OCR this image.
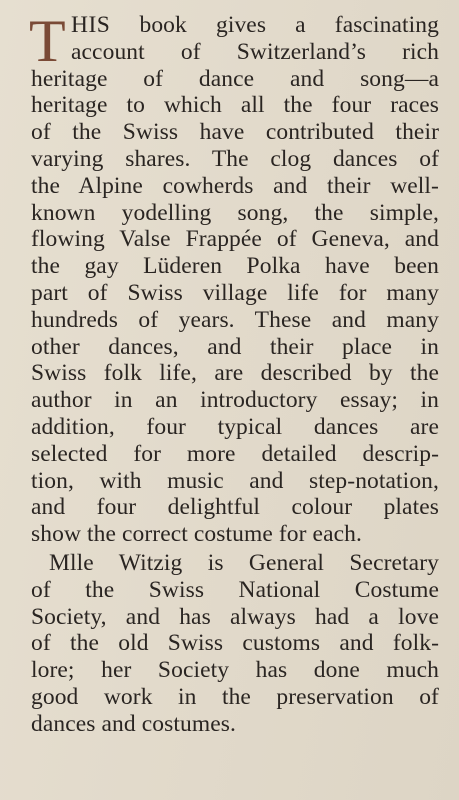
T HIS book gives a fascinating
account of Switzerland’s rich
heritage of dance and song—a
heritage to which all the four races
of the Swiss have contributed their
varying shares. The clog dances of
the Alpine cowherds and their well-
known yodelling song, the simple,
flowing Valse Frappée of Geneva, and
the gay Lüderen Polka have been
part of Swiss village life for many
hundreds of years. These and many
other dances, and their place in
Swiss folk life, are described by the
author in an introductory essay; in
addition, four typical dances are
selected for more detailed descrip-
tion, with music and step-notation,
and four delightful colour plates
show the correct costume for each.
Mlle Witzig is General Secretary
of the Swiss National Costume
Society, and has always had a love
of the old Swiss customs and folk-
lore; her Society has done much
good work in the preservation of
dances and costumes.
